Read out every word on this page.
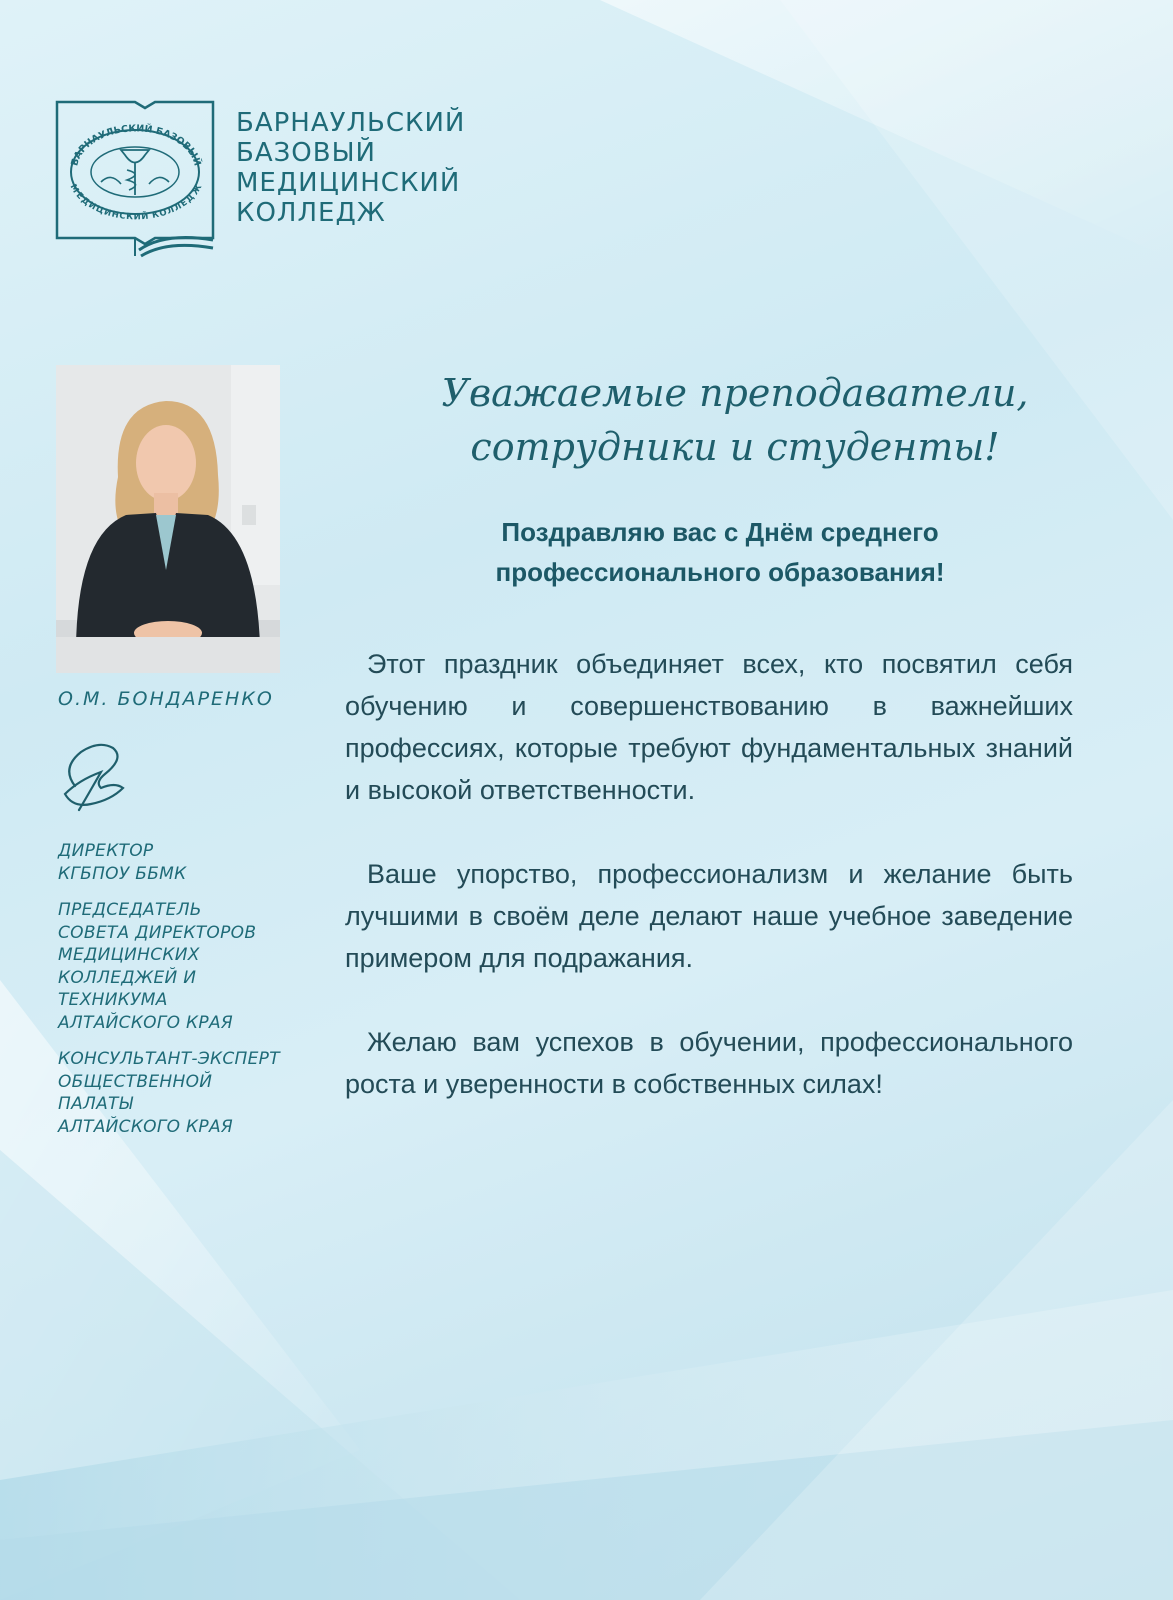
БАРНАУЛЬСКИЙ БАЗОВЫЙ
МЕДИЦИНСКИЙ КОЛЛЕДЖ
БАРНАУЛЬСКИЙ
БАЗОВЫЙ
МЕДИЦИНСКИЙ
КОЛЛЕДЖ
О.М. БОНДАРЕНКО
ДИРЕКТОР
КГБПОУ ББМК
ПРЕДСЕДАТЕЛЬ
СОВЕТА ДИРЕКТОРОВ
МЕДИЦИНСКИХ
КОЛЛЕДЖЕЙ И
ТЕХНИКУМА
АЛТАЙСКОГО КРАЯ
КОНСУЛЬТАНТ-ЭКСПЕРТ
ОБЩЕСТВЕННОЙ
ПАЛАТЫ
АЛТАЙСКОГО КРАЯ
Уважаемые преподаватели,
сотрудники и студенты!
Поздравляю вас с Днём среднего
профессионального образования!

Этот праздник объединяет всех, кто посвятил себя обучению и совершенствованию в важнейших профессиях, которые требуют фундаментальных знаний и высокой ответственности.

Ваше упорство, профессионализм и желание быть лучшими в своём деле делают наше учебное заведение примером для подражания.

Желаю вам успехов в обучении, профессионального роста и уверенности в собственных силах!
